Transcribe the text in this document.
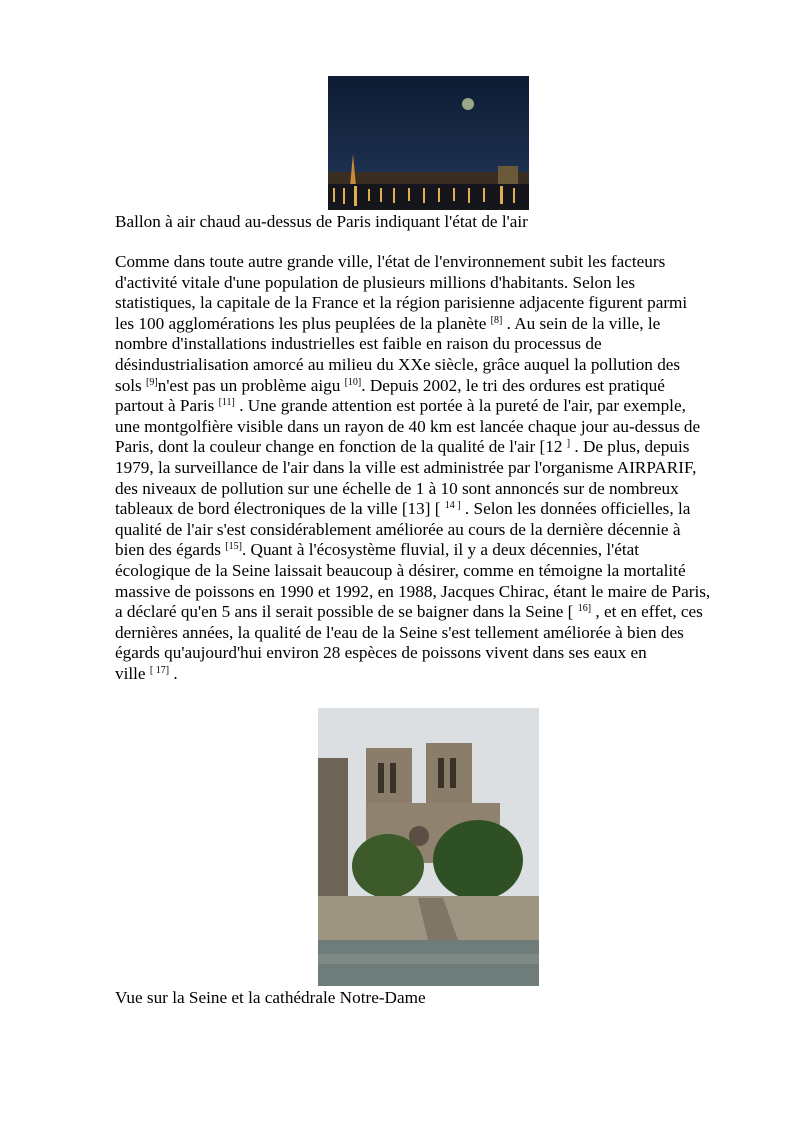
Ballon à air chaud au-dessus de Paris indiquant l'état de l'air
Comme dans toute autre grande ville, l'état de l'environnement subit les facteurs
d'activité vitale d'une population de plusieurs millions d'habitants. Selon les
statistiques, la capitale de la France et la région parisienne adjacente figurent parmi
les 100 agglomérations les plus peuplées de la planète [8] . Au sein de la ville, le
nombre d'installations industrielles est faible en raison du processus de
désindustrialisation amorcé au milieu du XXe siècle, grâce auquel la pollution des
sols [9]n'est pas un problème aigu [10]. Depuis 2002, le tri des ordures est pratiqué
partout à Paris [11] . Une grande attention est portée à la pureté de l'air, par exemple,
une montgolfière visible dans un rayon de 40 km est lancée chaque jour au-dessus de
Paris, dont la couleur change en fonction de la qualité de l'air [12 ] . De plus, depuis
1979, la surveillance de l'air dans la ville est administrée par l'organisme AIRPARIF,
des niveaux de pollution sur une échelle de 1 à 10 sont annoncés sur de nombreux
tableaux de bord électroniques de la ville [13] [ $^{14 ]}$ . Selon les données officielles, la
qualité de l'air s'est considérablement améliorée au cours de la dernière décennie à
bien des égards [15]. Quant à l'écosystème fluvial, il y a deux décennies, l'état
écologique de la Seine laissait beaucoup à désirer, comme en témoigne la mortalité
massive de poissons en 1990 et 1992, en 1988, Jacques Chirac, étant le maire de Paris,
a déclaré qu'en 5 ans il serait possible de se baigner dans la Seine [ $^{16]}$ , et en effet, ces
dernières années, la qualité de l'eau de la Seine s'est tellement améliorée à bien des
égards qu'aujourd'hui environ 28 espèces de poissons vivent dans ses eaux en
ville [ 17] .
Vue sur la Seine et la cathédrale Notre-Dame
